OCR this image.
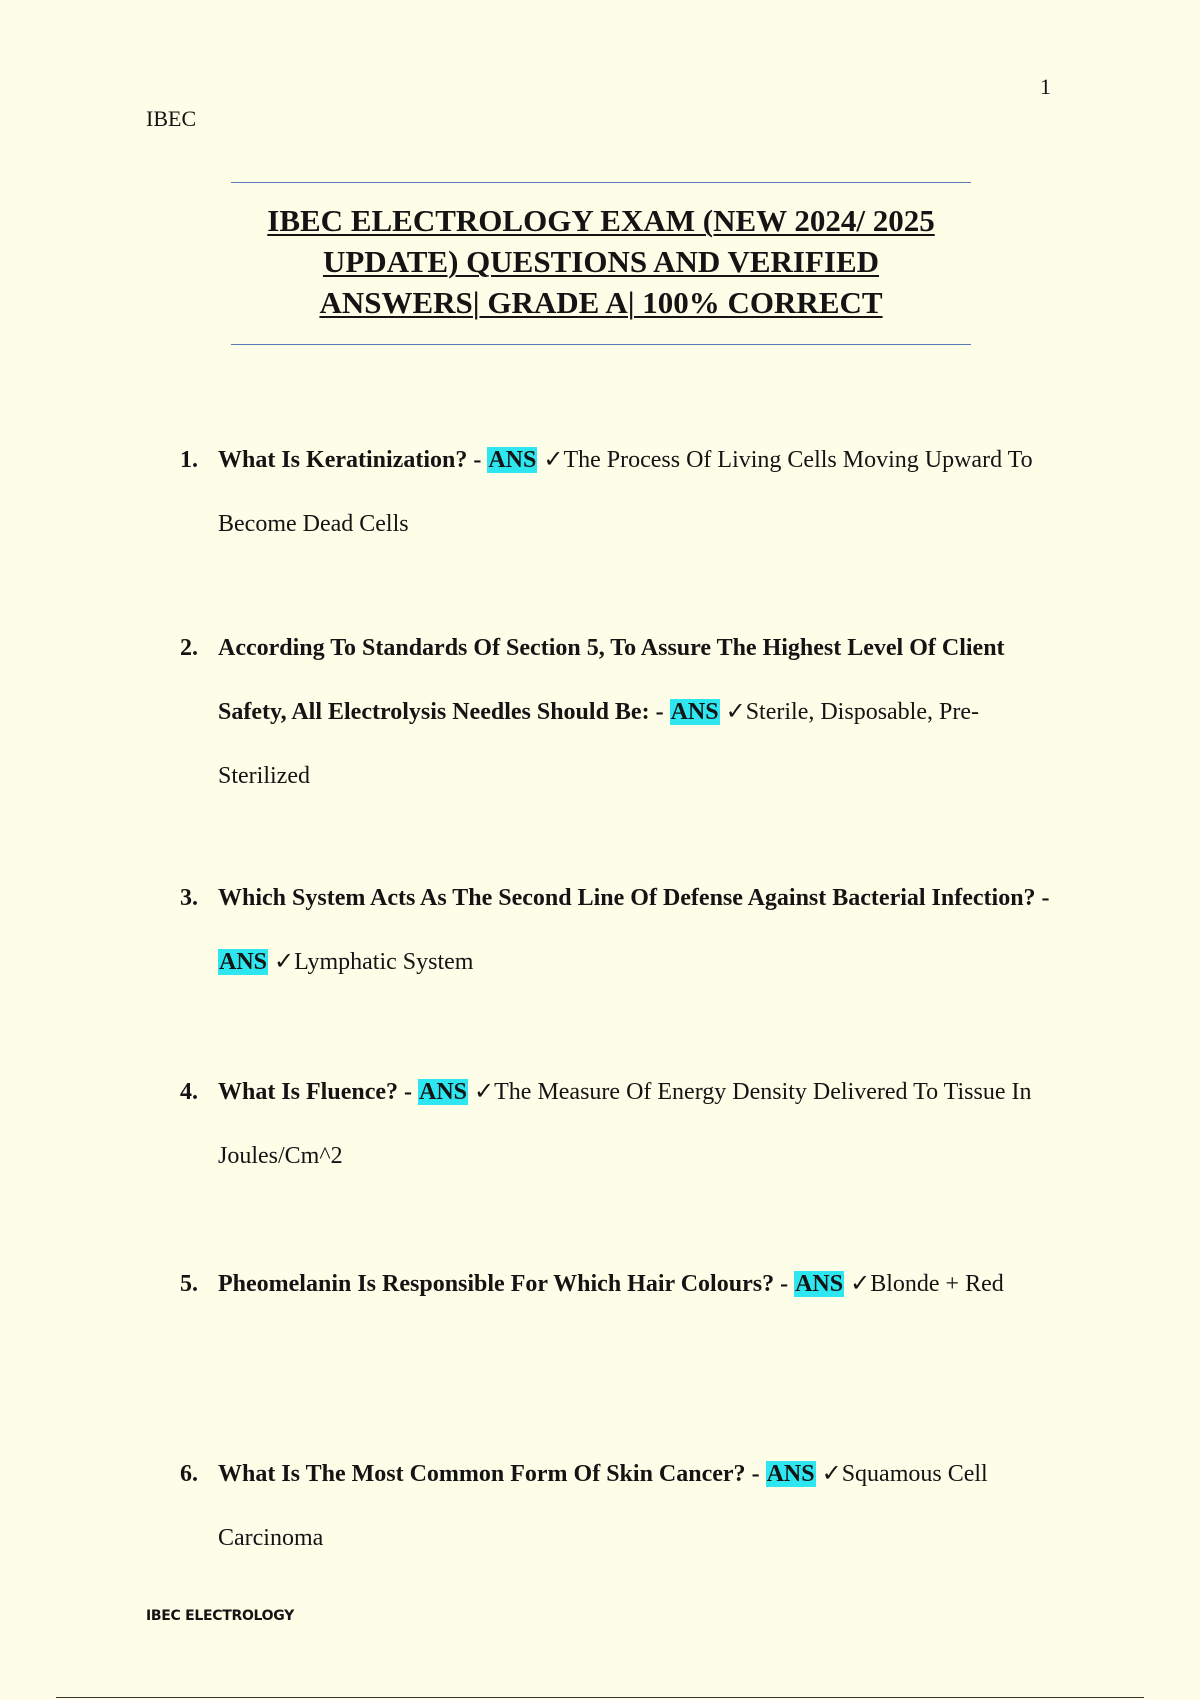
1
IBEC
IBEC ELECTROLOGY EXAM (NEW 2024/ 2025
UPDATE) QUESTIONS AND VERIFIED
ANSWERS| GRADE A| 100% CORRECT
1. What Is Keratinization? - ANS ✓The Process Of Living Cells Moving Upward To Become Dead Cells
2. According To Standards Of Section 5, To Assure The Highest Level Of Client Safety, All Electrolysis Needles Should Be: - ANS ✓Sterile, Disposable, Pre-Sterilized
3. Which System Acts As The Second Line Of Defense Against Bacterial Infection? - ANS ✓Lymphatic System
4. What Is Fluence? - ANS ✓The Measure Of Energy Density Delivered To Tissue In Joules/Cm^2
5. Pheomelanin Is Responsible For Which Hair Colours? - ANS ✓Blonde + Red
6. What Is The Most Common Form Of Skin Cancer? - ANS ✓Squamous Cell Carcinoma
IBEC ELECTROLOGY
